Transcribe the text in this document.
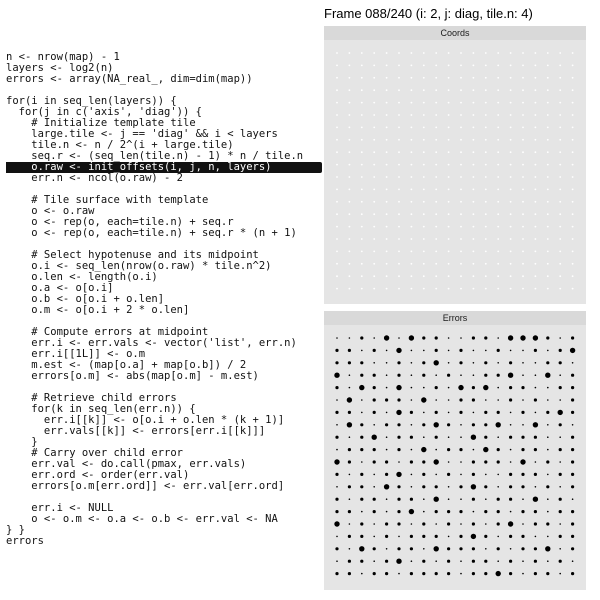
n <- nrow(map) - 1
layers <- log2(n)
errors <- array(NA_real_, dim=dim(map))
for(i in seq_len(layers)) {
for(j in c('axis', 'diag')) {
# Initialize template tile
large.tile <- j == 'diag' && i < layers
tile.n <- n / 2^(i + large.tile)
seq.r <- (seq_len(tile.n) - 1) * n / tile.n
o.raw <- init_offsets(i, j, n, layers)
err.n <- ncol(o.raw) - 2
# Tile surface with template
o <- o.raw
o <- rep(o, each=tile.n) + seq.r
o <- rep(o, each=tile.n) + seq.r * (n + 1)
# Select hypotenuse and its midpoint
o.i <- seq_len(nrow(o.raw) * tile.n^2)
o.len <- length(o.i)
o.a <- o[o.i]
o.b <- o[o.i + o.len]
o.m <- o[o.i + 2 * o.len]
# Compute errors at midpoint
err.i <- err.vals <- vector('list', err.n)
err.i[[1L]] <- o.m
m.est <- (map[o.a] + map[o.b]) / 2
errors[o.m] <- abs(map[o.m] - m.est)
# Retrieve child errors
for(k in seq_len(err.n)) {
err.i[[k]] <- o[o.i + o.len * (k + 1)]
err.vals[[k]] <- errors[err.i[[k]]]
}
# Carry over child error
err.val <- do.call(pmax, err.vals)
err.ord <- order(err.val)
errors[o.m[err.ord]] <- err.val[err.ord]
err.i <- NULL
o <- o.m <- o.a <- o.b <- err.val <- NA
} }
errors
Frame 088/240 (i: 2, j: diag, tile.n: 4)
Coords
Errors
